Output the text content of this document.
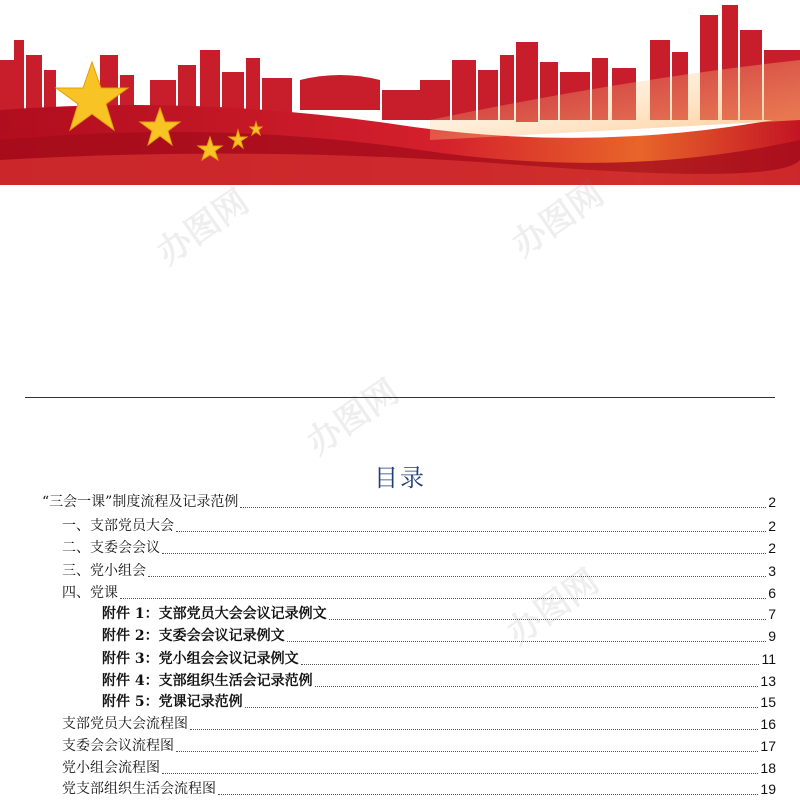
办图网	办图网
办图网
办图网
目录
“三会一课”制度流程及记录范例	2
一、支部党员大会	2
二、支委会会议	2
三、党小组会	3
四、党课	6
附件 1：支部党员大会会议记录例文	7
附件 2：支委会会议记录例文	9
附件 3：党小组会会议记录例文	11
附件 4：支部组织生活会记录范例	13
附件 5：党课记录范例	15
支部党员大会流程图	16
支委会会议流程图	17
党小组会流程图	18
党支部组织生活会流程图	19
